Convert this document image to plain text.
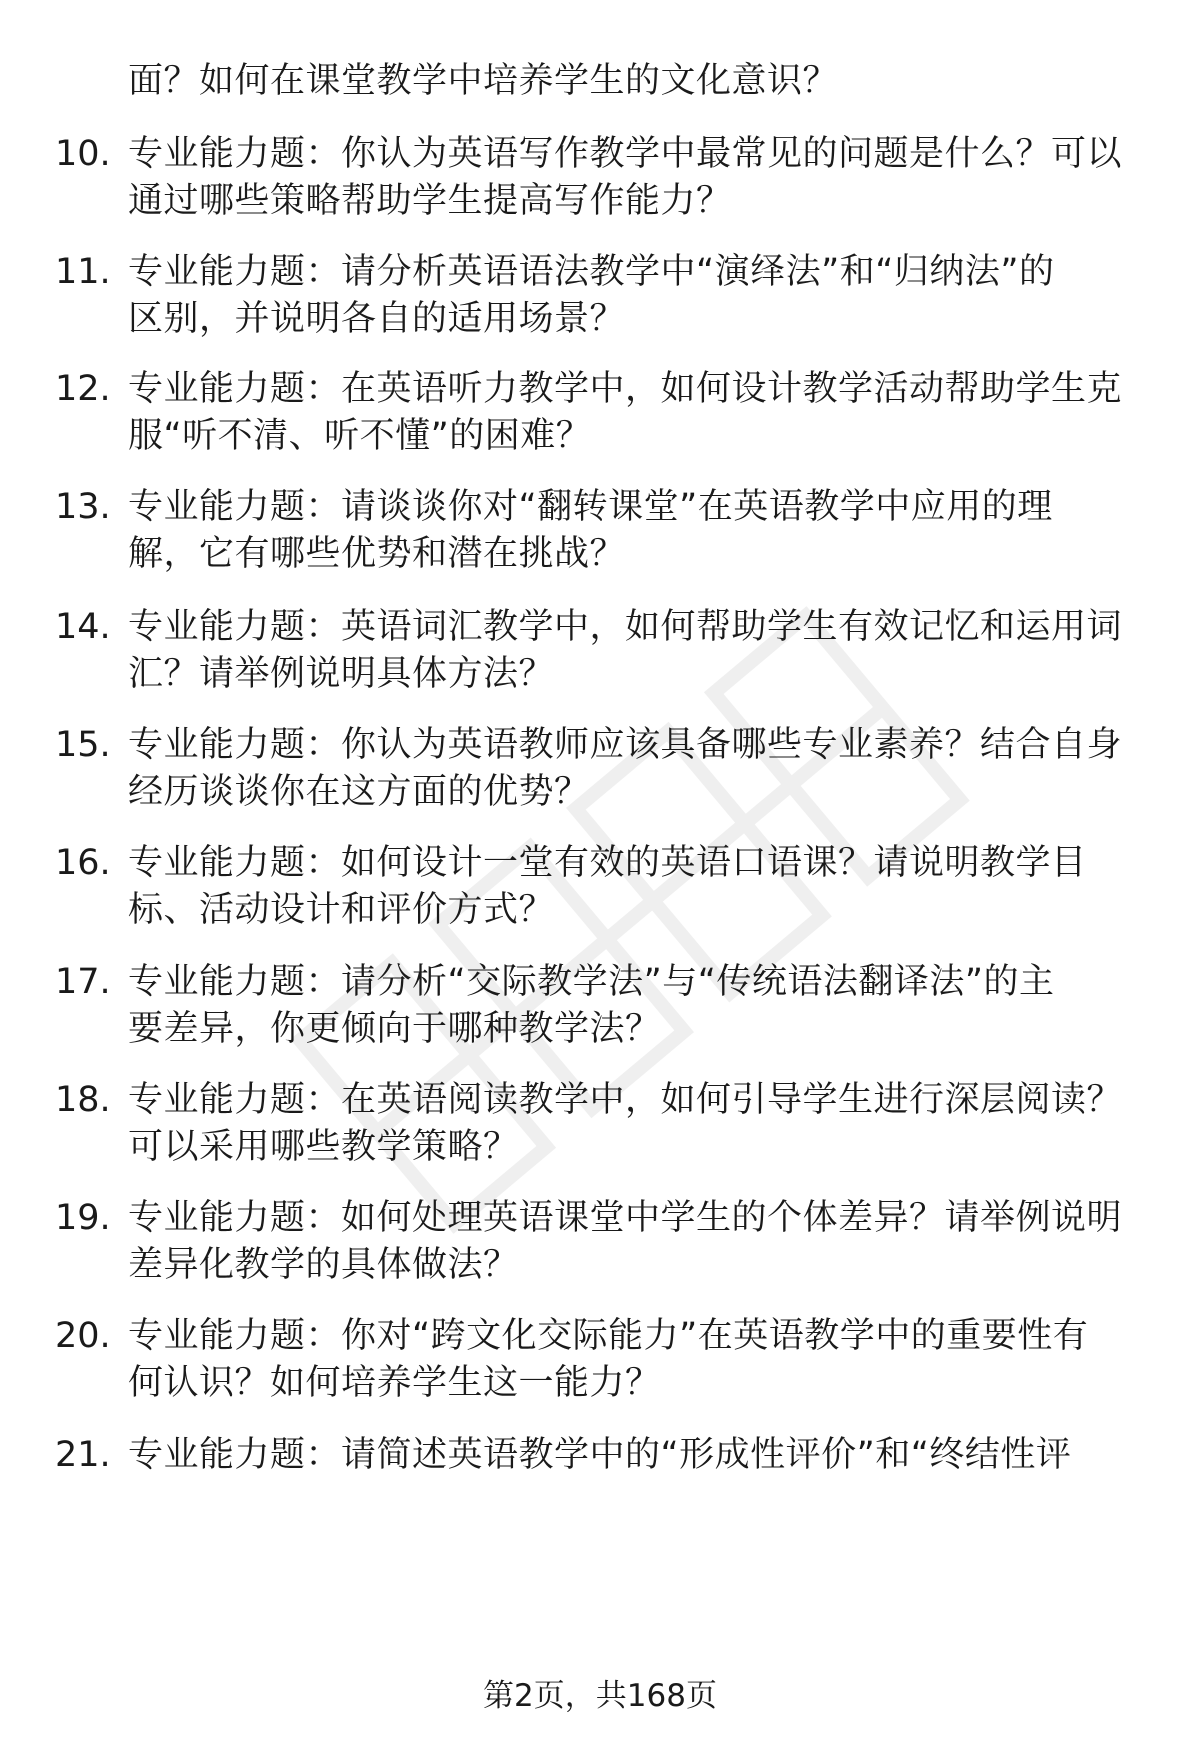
面？如何在课堂教学中培养学生的文化意识？
10. 专业能力题：你认为英语写作教学中最常见的问题是什么？可以
通过哪些策略帮助学生提高写作能力？
11. 专业能力题：请分析英语语法教学中“演绎法”和“归纳法”的
区别，并说明各自的适用场景？
12. 专业能力题：在英语听力教学中，如何设计教学活动帮助学生克
服“听不清、听不懂”的困难？
13. 专业能力题：请谈谈你对“翻转课堂”在英语教学中应用的理
解，它有哪些优势和潜在挑战？
14. 专业能力题：英语词汇教学中，如何帮助学生有效记忆和运用词
汇？请举例说明具体方法？
15. 专业能力题：你认为英语教师应该具备哪些专业素养？结合自身
经历谈谈你在这方面的优势？
16. 专业能力题：如何设计一堂有效的英语口语课？请说明教学目
标、活动设计和评价方式？
17. 专业能力题：请分析“交际教学法”与“传统语法翻译法”的主
要差异，你更倾向于哪种教学法？
18. 专业能力题：在英语阅读教学中，如何引导学生进行深层阅读？
可以采用哪些教学策略？
19. 专业能力题：如何处理英语课堂中学生的个体差异？请举例说明
差异化教学的具体做法？
20. 专业能力题：你对“跨文化交际能力”在英语教学中的重要性有
何认识？如何培养学生这一能力？
21. 专业能力题：请简述英语教学中的“形成性评价”和“终结性评
第2页，共168页
